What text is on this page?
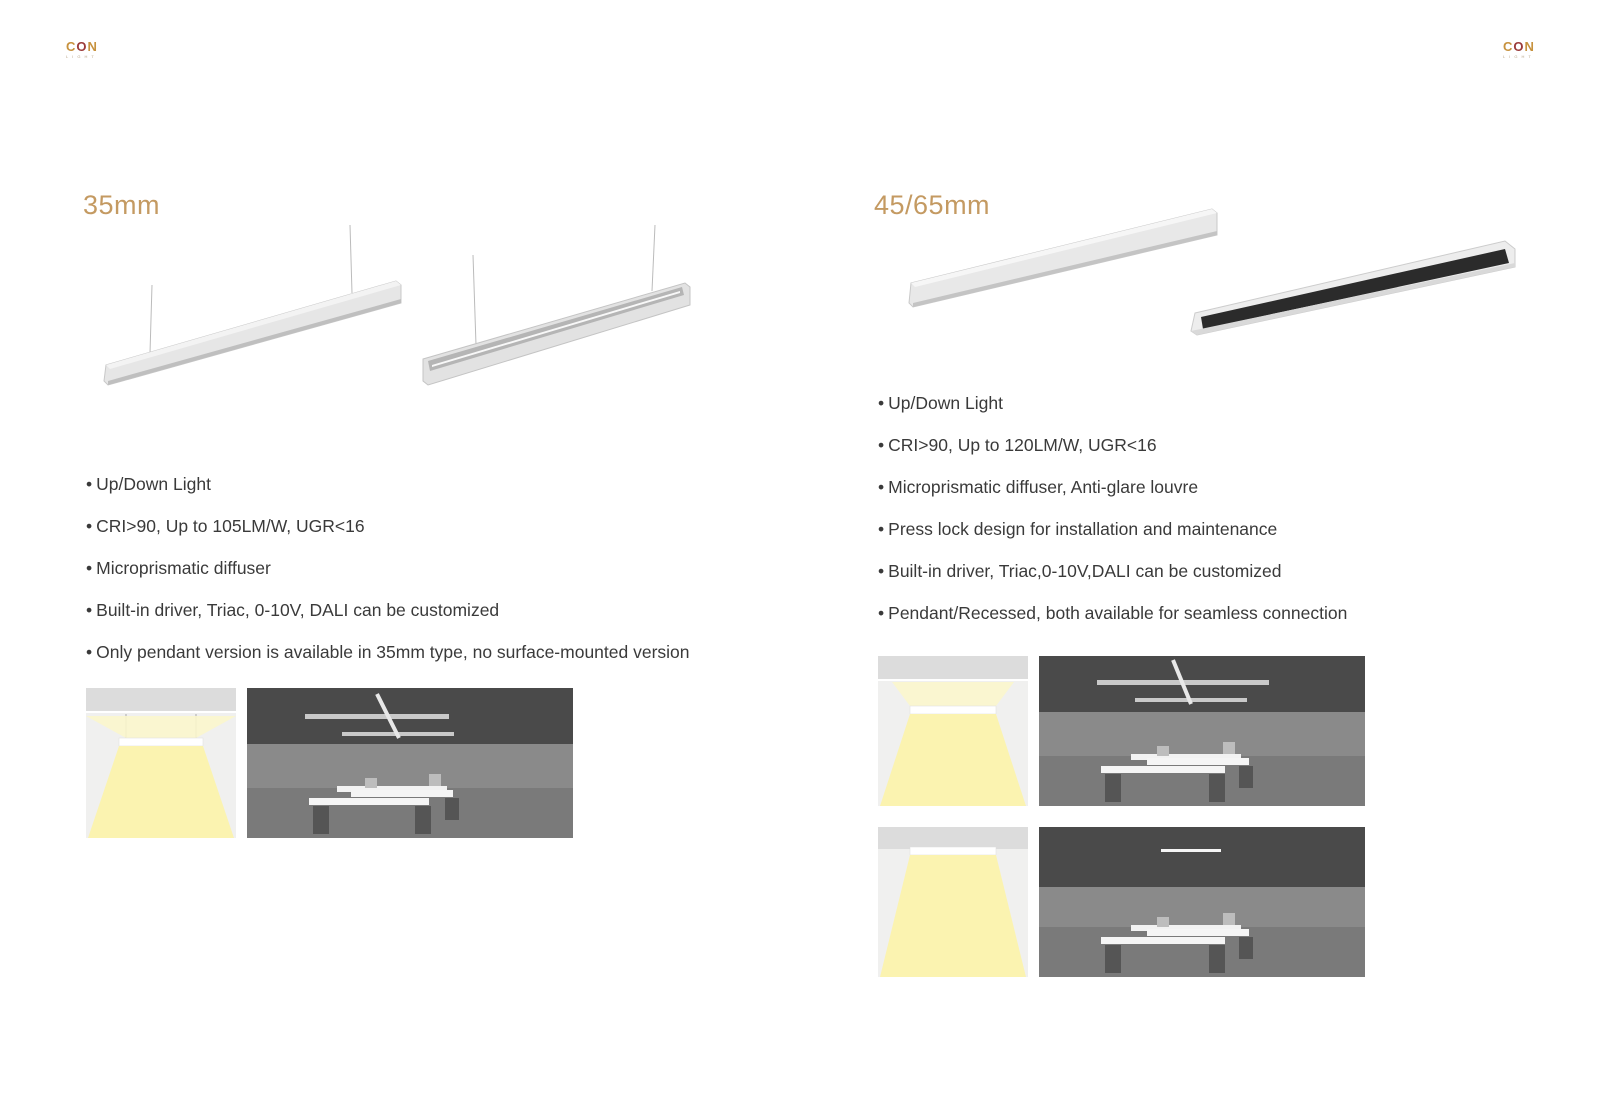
CON
LIGHT
CON
LIGHT
35mm
• Up/Down Light
• CRI>90, Up to 105LM/W, UGR<16
• Microprismatic diffuser
• Built-in driver, Triac, 0-10V, DALI can be customized
• Only pendant version is available in 35mm type, no surface-mounted version
45/65mm
• Up/Down Light
• CRI>90, Up to 120LM/W, UGR<16
• Microprismatic diffuser, Anti-glare louvre
• Press lock design for installation and maintenance
• Built-in driver, Triac,0-10V,DALI can be customized
• Pendant/Recessed, both available for seamless connection
